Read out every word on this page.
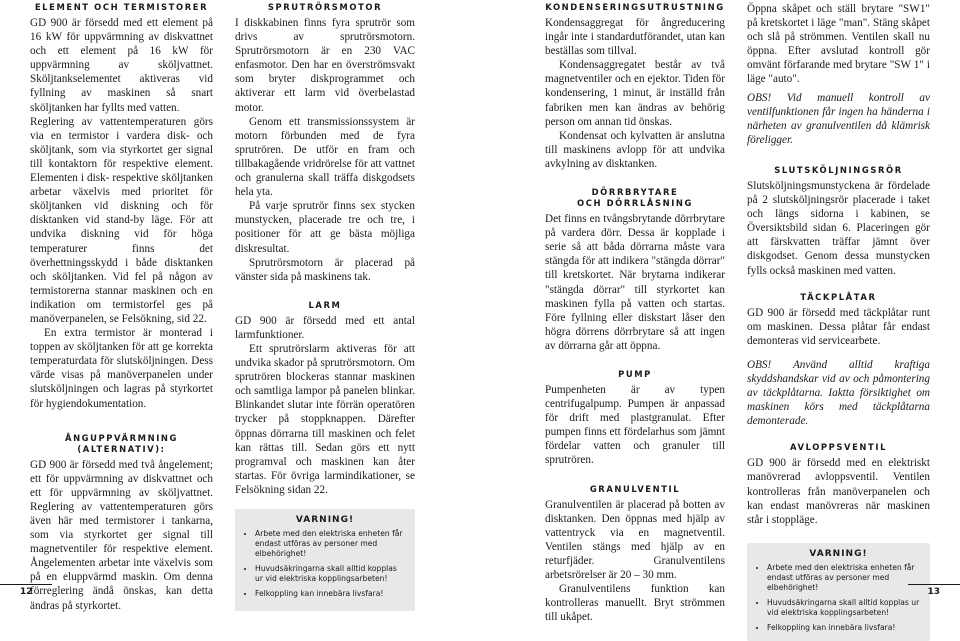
ELEMENT OCH TERMISTORER

GD 900 är försedd med ett element på 16 kW för uppvärmning av diskvattnet och ett element på 16 kW för uppvärmning av sköljvattnet. Sköljtankselementet aktiveras vid fyllning av maskinen så snart sköljtanken har fyllts med vatten.

Reglering av vattentemperaturen görs via en termistor i vardera disk- och sköljtank, som via styrkortet ger signal till kontaktorn för respektive element. Elementen i disk- respektive sköljtanken arbetar växelvis med prioritet för sköljtanken vid diskning och för disktanken vid stand-by läge. För att undvika diskning vid för höga temperaturer finns det överhettningsskydd i både disktanken och sköljtanken. Vid fel på någon av termistorerna stannar maskinen och en indikation om termistorfel ges på manöverpanelen, se Felsökning, sid 22.

En extra termistor är monterad i toppen av sköljtanken för att ge korrekta temperaturdata för slutsköljningen. Dess värde visas på manöverpanelen under slutsköljningen och lagras på styrkortet för hygiendokumentation.

ÅNGUPPVÄRMNING (ALTERNATIV):

GD 900 är försedd med två ångelement; ett för uppvärmning av diskvattnet och ett för uppvärmning av sköljvattnet. Reglering av vattentemperaturen görs även här med termistorer i tankarna, som via styrkortet ger signal till magnetventiler för respektive element. Ångelementen arbetar inte växelvis som på en eluppvärmd maskin. Om denna förreglering ändå önskas, kan detta ändras på styrkortet.

SPRUTRÖRSMOTOR

I diskkabinen finns fyra sprutrör som drivs av sprutrörsmotorn. Sprutrörsmotorn är en 230 VAC enfasmotor. Den har en överströmsvakt som bryter diskprogrammet och aktiverar ett larm vid överbelastad motor.

Genom ett transmissionssystem är motorn förbunden med de fyra sprutrören. De utför en fram och tillbakagående vridrörelse för att vattnet och granulerna skall träffa diskgodsets hela yta.

På varje sprutrör finns sex stycken munstycken, placerade tre och tre, i positioner för att ge bästa möjliga diskresultat.

Sprutrörsmotorn är placerad på vänster sida på maskinens tak.

LARM

GD 900 är försedd med ett antal larmfunktioner.

Ett sprutrörslarm aktiveras för att undvika skador på sprutrörsmotorn. Om sprutrören blockeras stannar maskinen och samtliga lampor på panelen blinkar. Blinkandet slutar inte förrän operatören trycker på stoppknappen. Därefter öppnas dörrarna till maskinen och felet kan rättas till. Sedan görs ett nytt programval och maskinen kan åter startas. För övriga larmindikationer, se Felsökning sidan 22.

VARNING!
• Arbete med den elektriska enheten får endast utföras av personer med elbehörighet!
• Huvudsäkringarna skall alltid kopplas ur vid elektriska kopplingsarbeten!
• Felkoppling kan innebära livsfara!
KONDENSERINGSUTRUSTNING

Kondensaggregat för ångreducering ingår inte i standardutförandet, utan kan beställas som tillval.

Kondensaggregatet består av två magnetventiler och en ejektor. Tiden för kondensering, 1 minut, är inställd från fabriken men kan ändras av behörig person om annan tid önskas.

Kondensat och kylvatten är anslutna till maskinens avlopp för att undvika avkylning av disktanken.

DÖRRBRYTARE
OCH DÖRRLÅSNING

Det finns en tvångsbrytande dörrbrytare på vardera dörr. Dessa är kopplade i serie så att båda dörrarna måste vara stängda för att indikera "stängda dörrar" till kretskortet. När brytarna indikerar "stängda dörrar" till styrkortet kan maskinen fylla på vatten och startas. Före fyllning eller diskstart låser den högra dörrens dörrbrytare så att ingen av dörrarna går att öppna.

PUMP

Pumpenheten är av typen centrifugalpump. Pumpen är anpassad för drift med plastgranulat. Efter pumpen finns ett fördelarhus som jämnt fördelar vatten och granuler till sprutrören.

GRANULVENTIL

Granulventilen är placerad på botten av disktanken. Den öppnas med hjälp av vattentryck via en magnetventil. Ventilen stängs med hjälp av en returfjäder. Granulventilens arbetsrörelser är 20 – 30 mm.

Granulventilens funktion kan kontrolleras manuellt. Bryt strömmen till ukåpet.

Öppna skåpet och ställ brytare "SW1" på kretskortet i läge "man". Stäng skåpet och slå på strömmen. Ventilen skall nu öppna. Efter avslutad kontroll gör omvänt förfarande med brytare "SW 1" i läge "auto".

OBS! Vid manuell kontroll av ventilfunktionen får ingen ha händerna i närheten av granulventilen då klämrisk föreligger.

SLUTSKÖLJNINGSRÖR

Slutsköljningsmunstyckena är fördelade på 2 slutsköljningsrör placerade i taket och längs sidorna i kabinen, se Översiktsbild sidan 6. Placeringen gör att färskvatten träffar jämnt över diskgodset. Genom dessa munstycken fylls också maskinen med vatten.

TÄCKPLÅTAR

GD 900 är försedd med täckplåtar runt om maskinen. Dessa plåtar får endast demonteras vid servicearbete.

OBS! Använd alltid kraftiga skyddshandskar vid av och påmontering av täckplåtarna. Iaktta försiktighet om maskinen körs med täckplåtarna demonterade.

AVLOPPSVENTIL

GD 900 är försedd med en elektriskt manövrerad avloppsventil. Ventilen kontrolleras från manöverpanelen och kan endast manövreras när maskinen står i stoppläge.

VARNING!
• Arbete med den elektriska enheten får endast utföras av personer med elbehörighet!
• Huvudsäkringarna skall alltid kopplas ur vid elektriska kopplingsarbeten!
• Felkoppling kan innebära livsfara!
12	13
